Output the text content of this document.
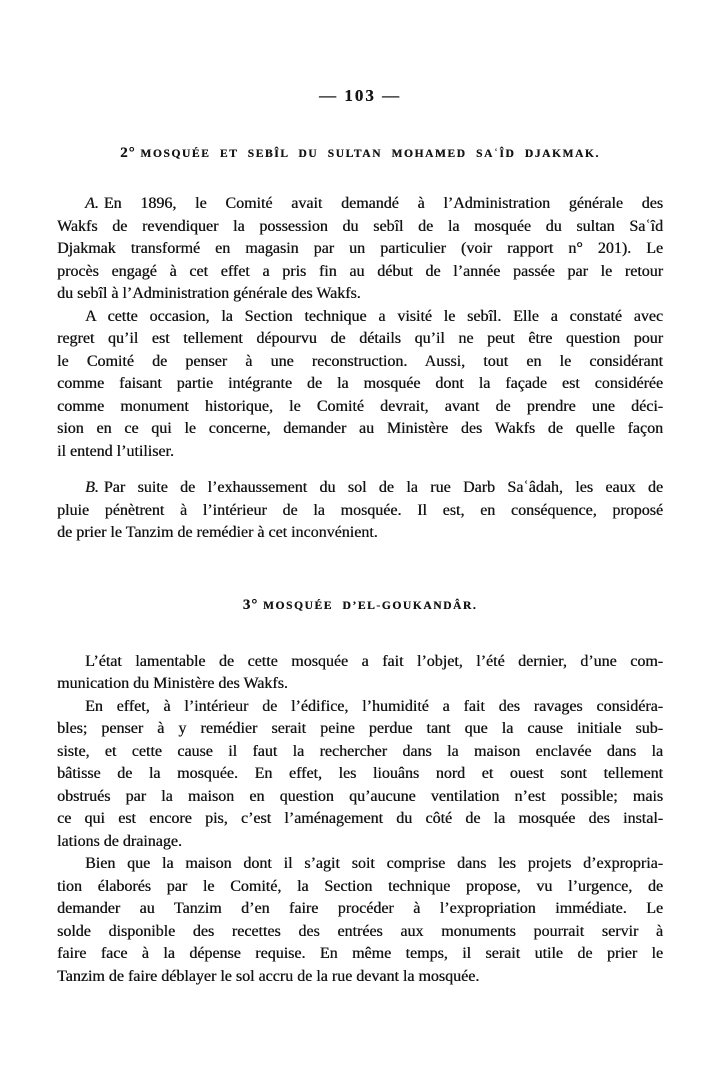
— 103 —
2° MOSQUÉE ET SEBÎL DU SULTAN MOHAMED SAʿÎD DJAKMAK.
A. En 1896, le Comité avait demandé à l’Administration générale des
Wakfs de revendiquer la possession du sebîl de la mosquée du sultan Saʿîd
Djakmak transformé en magasin par un particulier (voir rapport n° 201). Le
procès engagé à cet effet a pris fin au début de l’année passée par le retour
du sebîl à l’Administration générale des Wakfs.
A cette occasion, la Section technique a visité le sebîl. Elle a constaté avec
regret qu’il est tellement dépourvu de détails qu’il ne peut être question pour
le Comité de penser à une reconstruction. Aussi, tout en le considérant
comme faisant partie intégrante de la mosquée dont la façade est considérée
comme monument historique, le Comité devrait, avant de prendre une déci-
sion en ce qui le concerne, demander au Ministère des Wakfs de quelle façon
il entend l’utiliser.
B. Par suite de l’exhaussement du sol de la rue Darb Saʿâdah, les eaux de
pluie pénètrent à l’intérieur de la mosquée. Il est, en conséquence, proposé
de prier le Tanzim de remédier à cet inconvénient.
3° MOSQUÉE D’EL-GOUKANDÂR.
L’état lamentable de cette mosquée a fait l’objet, l’été dernier, d’une com-
munication du Ministère des Wakfs.
En effet, à l’intérieur de l’édifice, l’humidité a fait des ravages considéra-
bles; penser à y remédier serait peine perdue tant que la cause initiale sub-
siste, et cette cause il faut la rechercher dans la maison enclavée dans la
bâtisse de la mosquée. En effet, les liouâns nord et ouest sont tellement
obstrués par la maison en question qu’aucune ventilation n’est possible; mais
ce qui est encore pis, c’est l’aménagement du côté de la mosquée des instal-
lations de drainage.
Bien que la maison dont il s’agit soit comprise dans les projets d’expropria-
tion élaborés par le Comité, la Section technique propose, vu l’urgence, de
demander au Tanzim d’en faire procéder à l’expropriation immédiate. Le
solde disponible des recettes des entrées aux monuments pourrait servir à
faire face à la dépense requise. En même temps, il serait utile de prier le
Tanzim de faire déblayer le sol accru de la rue devant la mosquée.
